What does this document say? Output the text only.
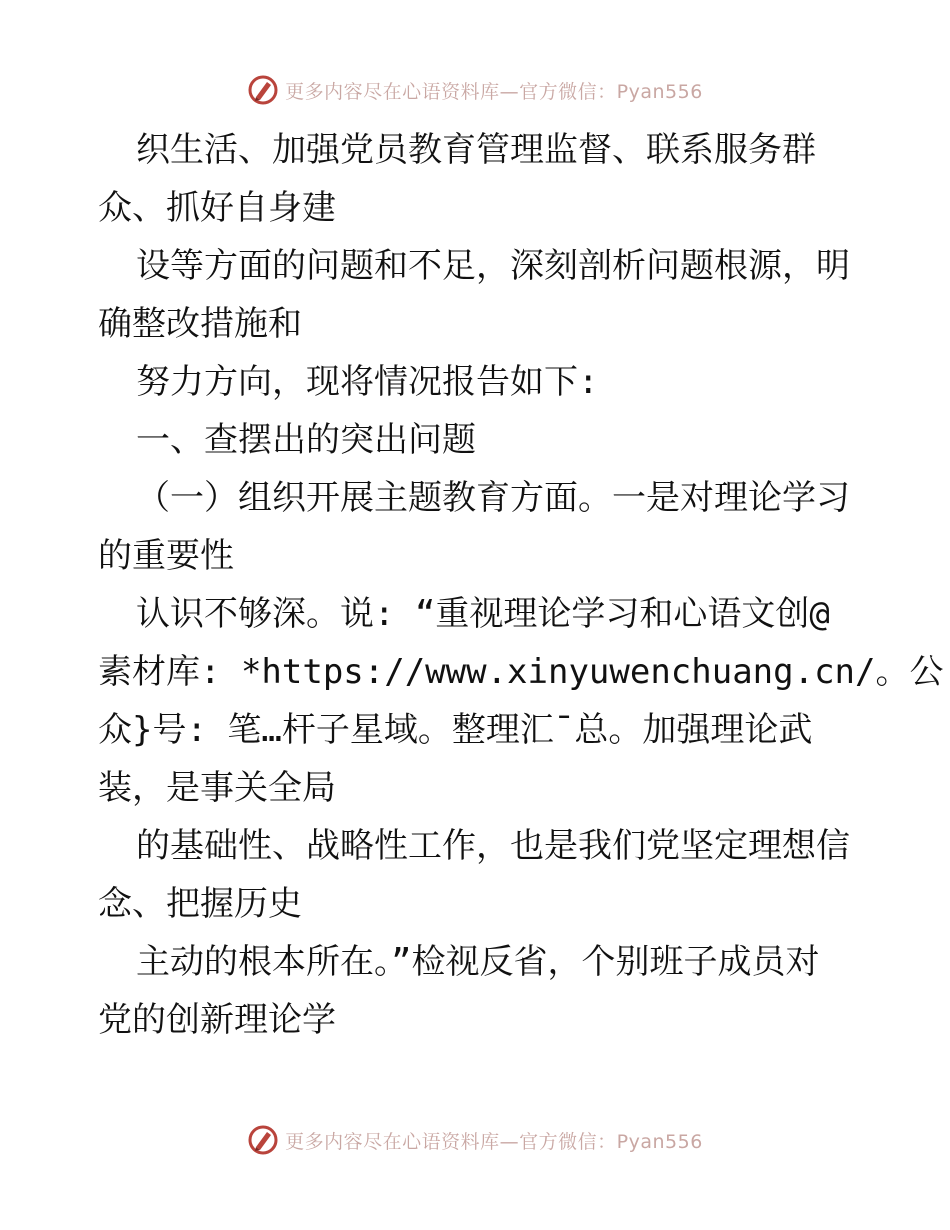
更多内容尽在心语资料库—官方微信：Pyan556
织生活、加强党员教育管理监督、联系服务群
众、抓好自身建
设等方面的问题和不足，深刻剖析问题根源，明
确整改措施和
努力方向，现将情况报告如下:
一、查摆出的突出问题
（一）组织开展主题教育方面。一是对理论学习
的重要性
认识不够深。说: “重视理论学习和心语文创@
素材库: *https://www.xinyuwenchuang.cn/。公
众}号: 笔…杆子星域。整理汇¯总。加强理论武
装，是事关全局
的基础性、战略性工作，也是我们党坚定理想信
念、把握历史
主动的根本所在。”检视反省，个别班子成员对
党的创新理论学
更多内容尽在心语资料库—官方微信：Pyan556
